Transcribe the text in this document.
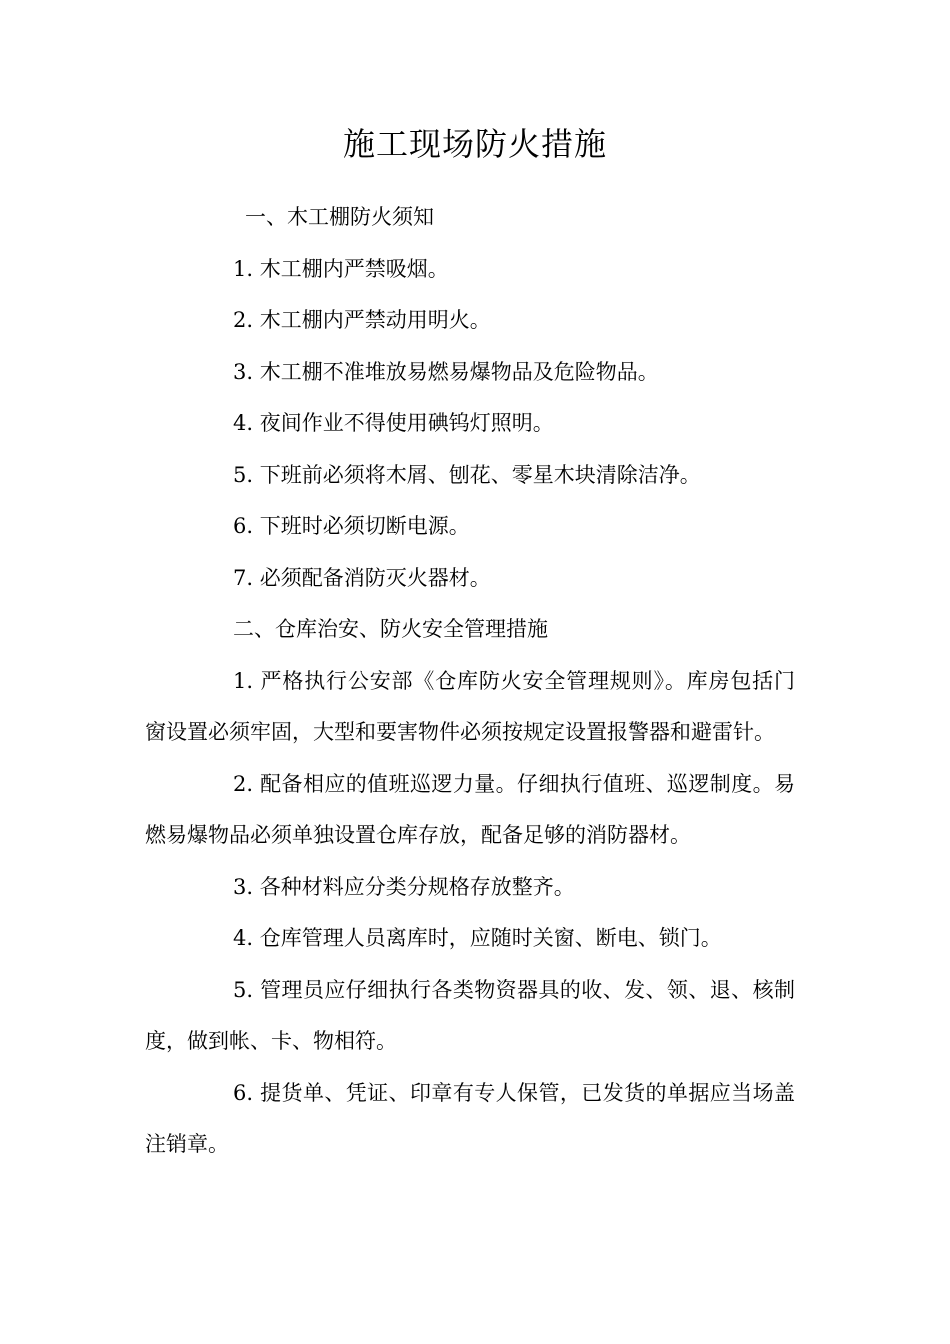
施工现场防火措施
一、木工棚防火须知
1. 木工棚内严禁吸烟。
2. 木工棚内严禁动用明火。
3. 木工棚不准堆放易燃易爆物品及危险物品。
4. 夜间作业不得使用碘钨灯照明。
5. 下班前必须将木屑、刨花、零星木块清除洁净。
6. 下班时必须切断电源。
7. 必须配备消防灭火器材。
二、仓库治安、防火安全管理措施
1. 严格执行公安部《仓库防火安全管理规则》。库房包括门窗设置必须牢固，大型和要害物件必须按规定设置报警器和避雷针。
2. 配备相应的值班巡逻力量。仔细执行值班、巡逻制度。易燃易爆物品必须单独设置仓库存放，配备足够的消防器材。
3. 各种材料应分类分规格存放整齐。
4. 仓库管理人员离库时，应随时关窗、断电、锁门。
5. 管理员应仔细执行各类物资器具的收、发、领、退、核制度，做到帐、卡、物相符。
6. 提货单、凭证、印章有专人保管，已发货的单据应当场盖注销章。
